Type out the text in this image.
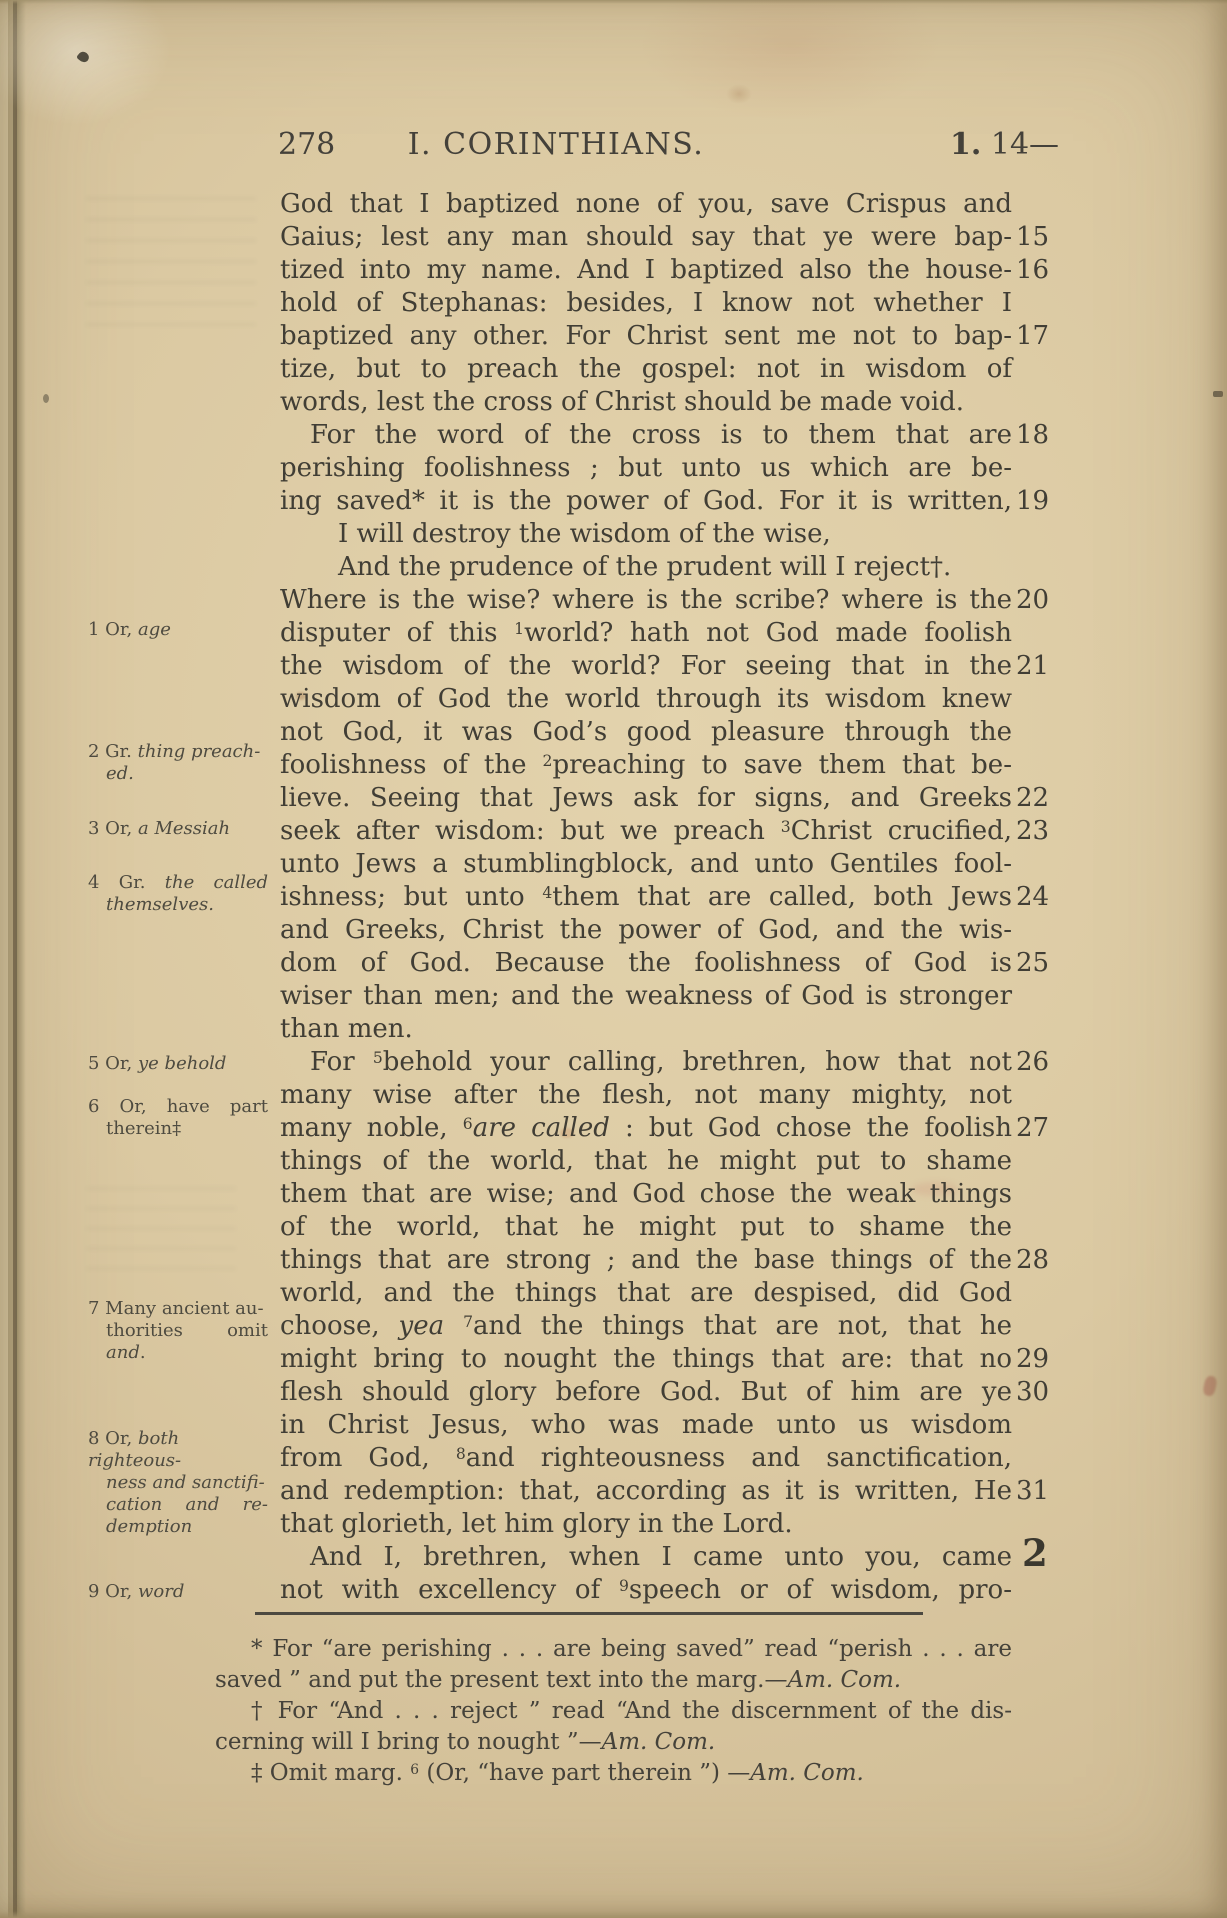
278 I. CORINTHIANS.	1. 14—
God that I baptized none of you, save Crispus and
Gaius; lest any man should say that ye were bap- 15
tized into my name. And I baptized also the house- 16
hold of Stephanas: besides, I know not whether I
baptized any other. For Christ sent me not to bap- 17
tize, but to preach the gospel: not in wisdom of
words, lest the cross of Christ should be made void.
For the word of the cross is to them that are 18
perishing foolishness ; but unto us which are be-
ing saved* it is the power of God. For it is written, 19
I will destroy the wisdom of the wise,
And the prudence of the prudent will I reject†.
Where is the wise? where is the scribe? where is the 20
disputer of this $^1$world? hath not God made foolish
the wisdom of the world? For seeing that in the 21
wisdom of God the world through its wisdom knew
not God, it was God’s good pleasure through the
foolishness of the $^2$preaching to save them that be-
lieve. Seeing that Jews ask for signs, and Greeks 22
seek after wisdom: but we preach $^3$Christ crucified, 23
unto Jews a stumblingblock, and unto Gentiles fool-
ishness; but unto $^4$them that are called, both Jews 24
and Greeks, Christ the power of God, and the wis-
dom of God. Because the foolishness of God is 25
wiser than men; and the weakness of God is stronger
than men.
For $^5$behold your calling, brethren, how that not 26
many wise after the flesh, not many mighty, not
many noble, $^6$are called : but God chose the foolish 27
things of the world, that he might put to shame
them that are wise; and God chose the weak things
of the world, that he might put to shame the
things that are strong ; and the base things of the 28
world, and the things that are despised, did God
choose, yea $^7$and the things that are not, that he
might bring to nought the things that are: that no 29
flesh should glory before God. But of him are ye 30
in Christ Jesus, who was made unto us wisdom
from God, $^8$and righteousness and sanctification,
and redemption: that, according as it is written, He 31
that glorieth, let him glory in the Lord.
And I, brethren, when I came unto you, came 2
not with excellency of $^9$speech or of wisdom, pro-
1 Or, age
2 Gr. thing preach-
ed.
3 Or, a Messiah
4 Gr. the called
themselves.
5 Or, ye behold
6 Or, have part
therein‡
7 Many ancient au-
thorities omit
and.
8 Or, both righteous-
ness and sanctifi-
cation and re-
demption
9 Or, word
* For “are perishing . . . are being saved” read “perish . . . are
saved ” and put the present text into the marg.—Am. Com.
† For “And . . . reject ” read “And the discernment of the dis-
cerning will I bring to nought ”—Am. Com.
‡ Omit marg. $^6$ (Or, “have part therein ”) —Am. Com.
